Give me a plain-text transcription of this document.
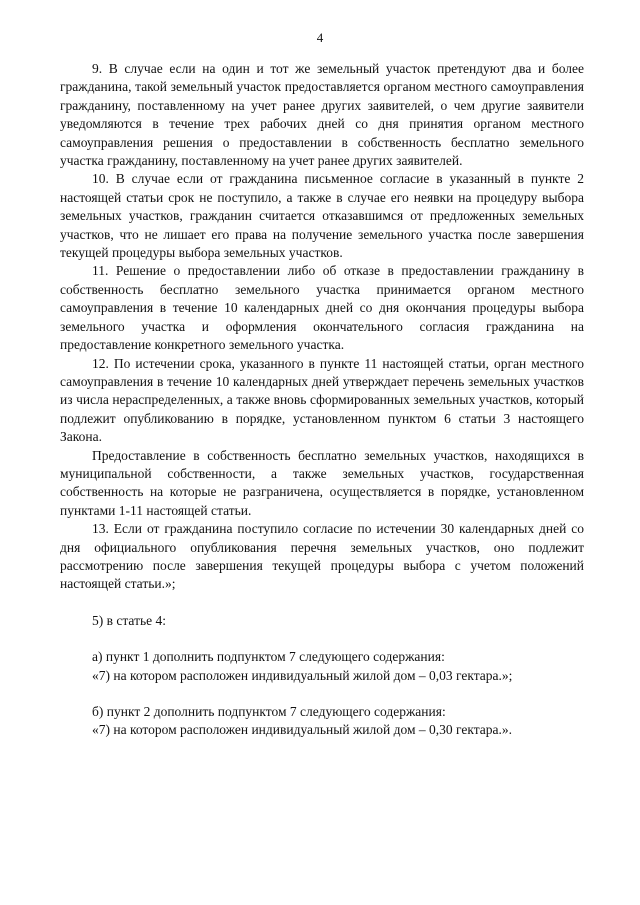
4

9. В случае если на один и тот же земельный участок претендуют два и более гражданина, такой земельный участок предоставляется органом местного самоуправления гражданину, поставленному на учет ранее других заявителей, о чем другие заявители уведомляются в течение трех рабочих дней со дня принятия органом местного самоуправления решения о предоставлении в собственность бесплатно земельного участка гражданину, поставленному на учет ранее других заявителей.

10. В случае если от гражданина письменное согласие в указанный в пункте 2 настоящей статьи срок не поступило, а также в случае его неявки на процедуру выбора земельных участков, гражданин считается отказавшимся от предложенных земельных участков, что не лишает его права на получение земельного участка после завершения текущей процедуры выбора земельных участков.

11. Решение о предоставлении либо об отказе в предоставлении гражданину в собственность бесплатно земельного участка принимается органом местного самоуправления в течение 10 календарных дней со дня окончания процедуры выбора земельного участка и оформления окончательного согласия гражданина на предоставление конкретного земельного участка.

12. По истечении срока, указанного в пункте 11 настоящей статьи, орган местного самоуправления в течение 10 календарных дней утверждает перечень земельных участков из числа нераспределенных, а также вновь сформированных земельных участков, который подлежит опубликованию в порядке, установленном пунктом 6 статьи 3 настоящего Закона.

Предоставление в собственность бесплатно земельных участков, находящихся в муниципальной собственности, а также земельных участков, государственная собственность на которые не разграничена, осуществляется в порядке, установленном пунктами 1-11 настоящей статьи.

13. Если от гражданина поступило согласие по истечении 30 календарных дней со дня официального опубликования перечня земельных участков, оно подлежит рассмотрению после завершения текущей процедуры выбора с учетом положений настоящей статьи.»;

5) в статье 4:

а) пункт 1 дополнить подпунктом 7 следующего содержания:

«7) на котором расположен индивидуальный жилой дом – 0,03 гектара.»;

б) пункт 2 дополнить подпунктом 7 следующего содержания:

«7) на котором расположен индивидуальный жилой дом – 0,30 гектара.».
